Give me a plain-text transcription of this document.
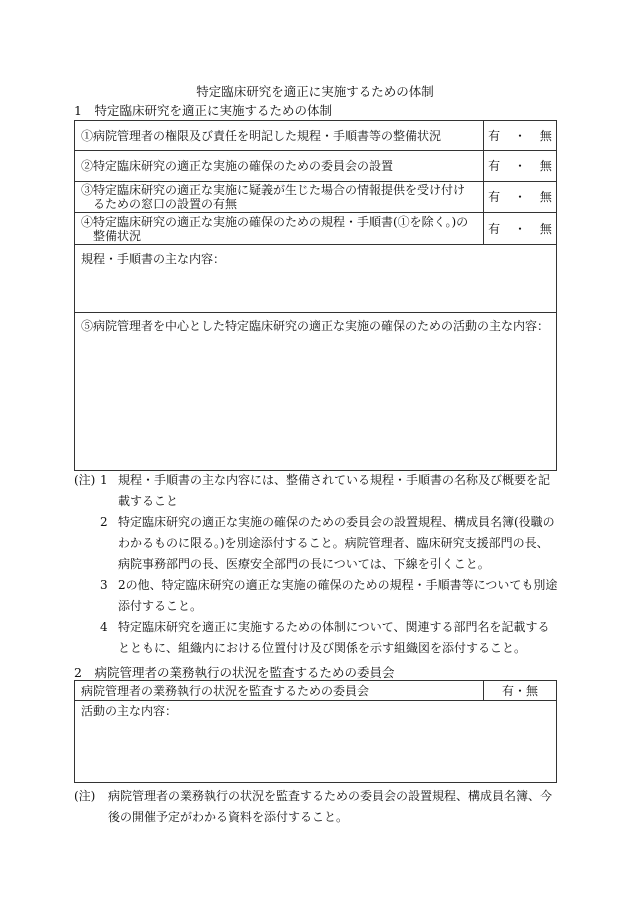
特定臨床研究を適正に実施するための体制
1　特定臨床研究を適正に実施するための体制
①病院管理者の権限及び責任を明記した規程・手順書等の整備状況	有 ・ 無
②特定臨床研究の適正な実施の確保のための委員会の設置	有 ・ 無
③特定臨床研究の適正な実施に疑義が生じた場合の情報提供を受け付けるための窓口の設置の有無	有 ・ 無
④特定臨床研究の適正な実施の確保のための規程・手順書(①を除く。)の整備状況	有 ・ 無
規程・手順書の主な内容：	
⑤病院管理者を中心とした特定臨床研究の適正な実施の確保のための活動の主な内容：	
(注) 1 規程・手順書の主な内容には、整備されている規程・手順書の名称及び概要を記載すること
2 特定臨床研究の適正な実施の確保のための委員会の設置規程、構成員名簿(役職のわかるものに限る。)を別途添付すること。病院管理者、臨床研究支援部門の長、病院事務部門の長、医療安全部門の長については、下線を引くこと。
3 2の他、特定臨床研究の適正な実施の確保のための規程・手順書等についても別途添付すること。
4 特定臨床研究を適正に実施するための体制について、関連する部門名を記載するとともに、組織内における位置付け及び関係を示す組織図を添付すること。
2　病院管理者の業務執行の状況を監査するための委員会
病院管理者の業務執行の状況を監査するための委員会	有・無
活動の主な内容：
(注) 病院管理者の業務執行の状況を監査するための委員会の設置規程、構成員名簿、今後の開催予定がわかる資料を添付すること。
